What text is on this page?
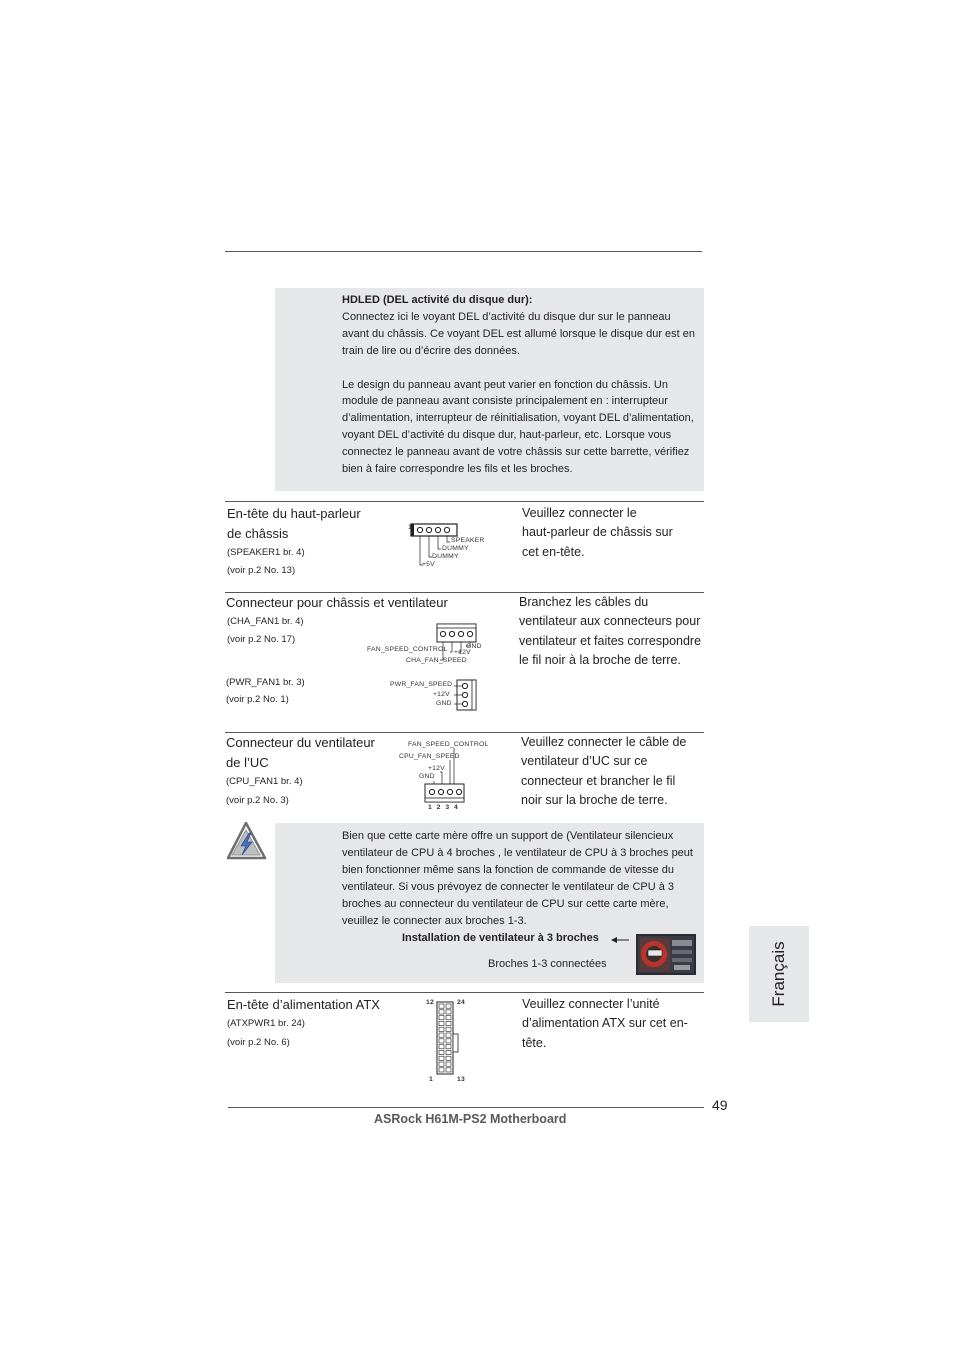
HDLED (DEL activité du disque dur):

Connectez ici le voyant DEL d’activité du disque dur sur le panneau

avant du châssis. Ce voyant DEL est allumé lorsque le disque dur est en

train de lire ou d’écrire des données.

Le design du panneau avant peut varier en fonction du châssis. Un

module de panneau avant consiste principalement en : interrupteur

d’alimentation, interrupteur de réinitialisation, voyant DEL d’alimentation,

voyant DEL d’activité du disque dur, haut-parleur, etc. Lorsque vous

connectez le panneau avant de votre châssis sur cette barrette, vérifiez

bien à faire correspondre les fils et les broches.

En-tête du haut-parleur
de châssis
(SPEAKER1 br. 4)
(voir p.2 No. 13)
1
SPEAKER
DUMMY
DUMMY
+5V
Veuillez connecter le
haut-parleur de châssis sur
cet en-tête.
Connecteur pour châssis et ventilateur
(CHA_FAN1 br. 4)
(voir p.2 No. 17)
GND
+12V
FAN_SPEED_CONTROL
CHA_FAN_SPEED
(PWR_FAN1 br. 3)
(voir p.2 No. 1)
PWR_FAN_SPEED
+12V
GND
Branchez les câbles du
ventilateur aux connecteurs pour
ventilateur et faites correspondre
le fil noir à la broche de terre.
Connecteur du ventilateur
de l’UC
(CPU_FAN1 br. 4)
(voir p.2 No. 3)
FAN_SPEED_CONTROL
CPU_FAN_SPEED
+12V
GND
1 2 3 4
Veuillez connecter le câble de
ventilateur d’UC sur ce
connecteur et brancher le fil
noir sur la broche de terre.

Bien que cette carte mère offre un support de (Ventilateur silencieux

ventilateur de CPU à 4 broches , le ventilateur de CPU à 3 broches peut

bien fonctionner même sans la fonction de commande de vitesse du

ventilateur. Si vous prévoyez de connecter le ventilateur de CPU à 3

broches au connecteur du ventilateur de CPU sur cette carte mère,

veuillez le connecter aux broches 1-3.

Installation de ventilateur à 3 broches
Broches 1-3 connectées
En-tête d’alimentation ATX
(ATXPWR1 br. 24)
(voir p.2 No. 6)
12	24
1	13
Veuillez connecter l’unité
d’alimentation ATX sur cet en-
tête.
Français
49
ASRock H61M-PS2 Motherboard
